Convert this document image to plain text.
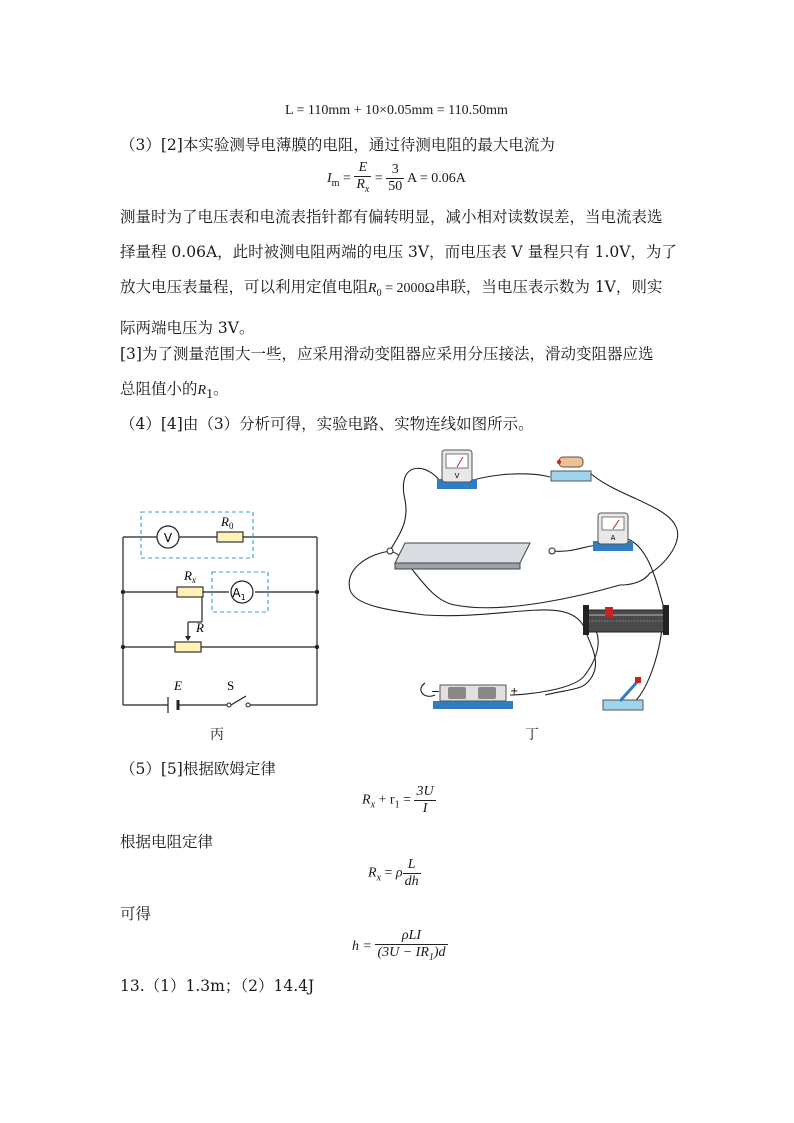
L = 110mm + 10×0.05mm = 110.50mm
（3）[2]本实验测导电薄膜的电阻，通过待测电阻的最大电流为
$I_m = \frac{E}{R_x} = \frac{3}{50}$ A = 0.06A
测量时为了电压表和电流表指针都有偏转明显，减小相对读数误差，当电流表选
择量程 0.06A，此时被测电阻两端的电压 3V，而电压表 V 量程只有 1.0V，为了
放大电压表量程，可以利用定值电阻$R_0 = 2000\Omega$串联，当电压表示数为 1V，则实
际两端电压为 3V。
[3]为了测量范围大一些，应采用滑动变阻器应采用分压接法，滑动变阻器应选
总阻值小的$R_1$。
（4）[4]由（3）分析可得，实验电路、实物连线如图所示。
V
$R_0$
$R_x$
$A_1$
R
E	S
丙
V
A
−	+
丁
（5）[5]根据欧姆定律
$R_x + r_1 = \frac{3U}{I}$
根据电阻定律
$R_x = \rho \frac{L}{dh}$
可得
$h = \frac{\text{ρLI}}{(3U - IR_1)d}$
13.（1）1.3m；（2）14.4J
